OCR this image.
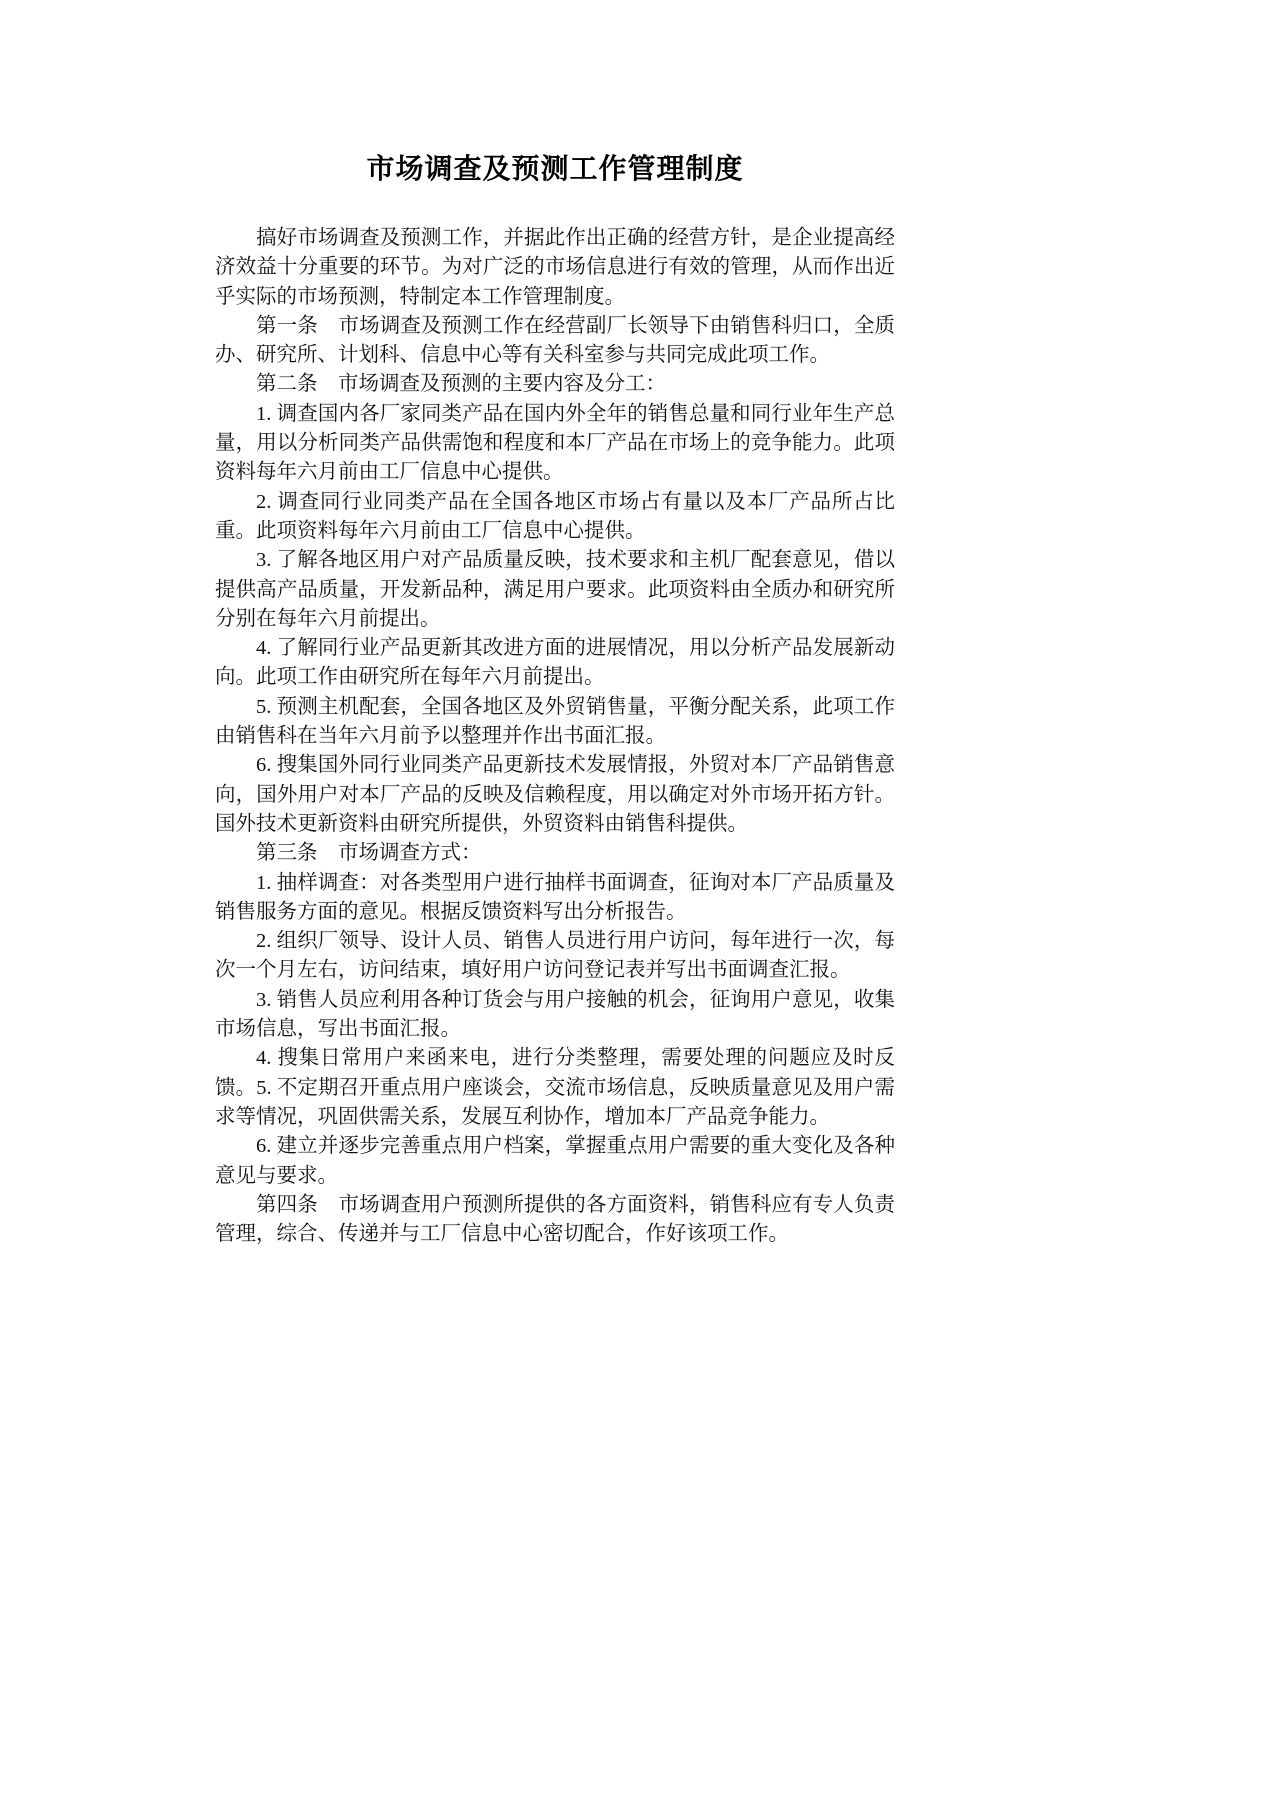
市场调查及预测工作管理制度

搞好市场调查及预测工作，并据此作出正确的经营方针，是企业提高经济效益十分重要的环节。为对广泛的市场信息进行有效的管理，从而作出近乎实际的市场预测，特制定本工作管理制度。

第一条　市场调查及预测工作在经营副厂长领导下由销售科归口，全质办、研究所、计划科、信息中心等有关科室参与共同完成此项工作。

第二条　市场调查及预测的主要内容及分工：

1. 调查国内各厂家同类产品在国内外全年的销售总量和同行业年生产总量，用以分析同类产品供需饱和程度和本厂产品在市场上的竞争能力。此项资料每年六月前由工厂信息中心提供。

2. 调查同行业同类产品在全国各地区市场占有量以及本厂产品所占比重。此项资料每年六月前由工厂信息中心提供。

3. 了解各地区用户对产品质量反映，技术要求和主机厂配套意见，借以提供高产品质量，开发新品种，满足用户要求。此项资料由全质办和研究所分别在每年六月前提出。

4. 了解同行业产品更新其改进方面的进展情况，用以分析产品发展新动向。此项工作由研究所在每年六月前提出。

5. 预测主机配套，全国各地区及外贸销售量，平衡分配关系，此项工作由销售科在当年六月前予以整理并作出书面汇报。

6. 搜集国外同行业同类产品更新技术发展情报，外贸对本厂产品销售意向，国外用户对本厂产品的反映及信赖程度，用以确定对外市场开拓方针。国外技术更新资料由研究所提供，外贸资料由销售科提供。

第三条　市场调查方式：

1. 抽样调查：对各类型用户进行抽样书面调查，征询对本厂产品质量及销售服务方面的意见。根据反馈资料写出分析报告。

2. 组织厂领导、设计人员、销售人员进行用户访问，每年进行一次，每次一个月左右，访问结束，填好用户访问登记表并写出书面调查汇报。

3. 销售人员应利用各种订货会与用户接触的机会，征询用户意见，收集市场信息，写出书面汇报。

4. 搜集日常用户来函来电，进行分类整理，需要处理的问题应及时反馈。5. 不定期召开重点用户座谈会，交流市场信息，反映质量意见及用户需求等情况，巩固供需关系，发展互利协作，增加本厂产品竞争能力。

6. 建立并逐步完善重点用户档案，掌握重点用户需要的重大变化及各种意见与要求。

第四条　市场调查用户预测所提供的各方面资料，销售科应有专人负责管理，综合、传递并与工厂信息中心密切配合，作好该项工作。
